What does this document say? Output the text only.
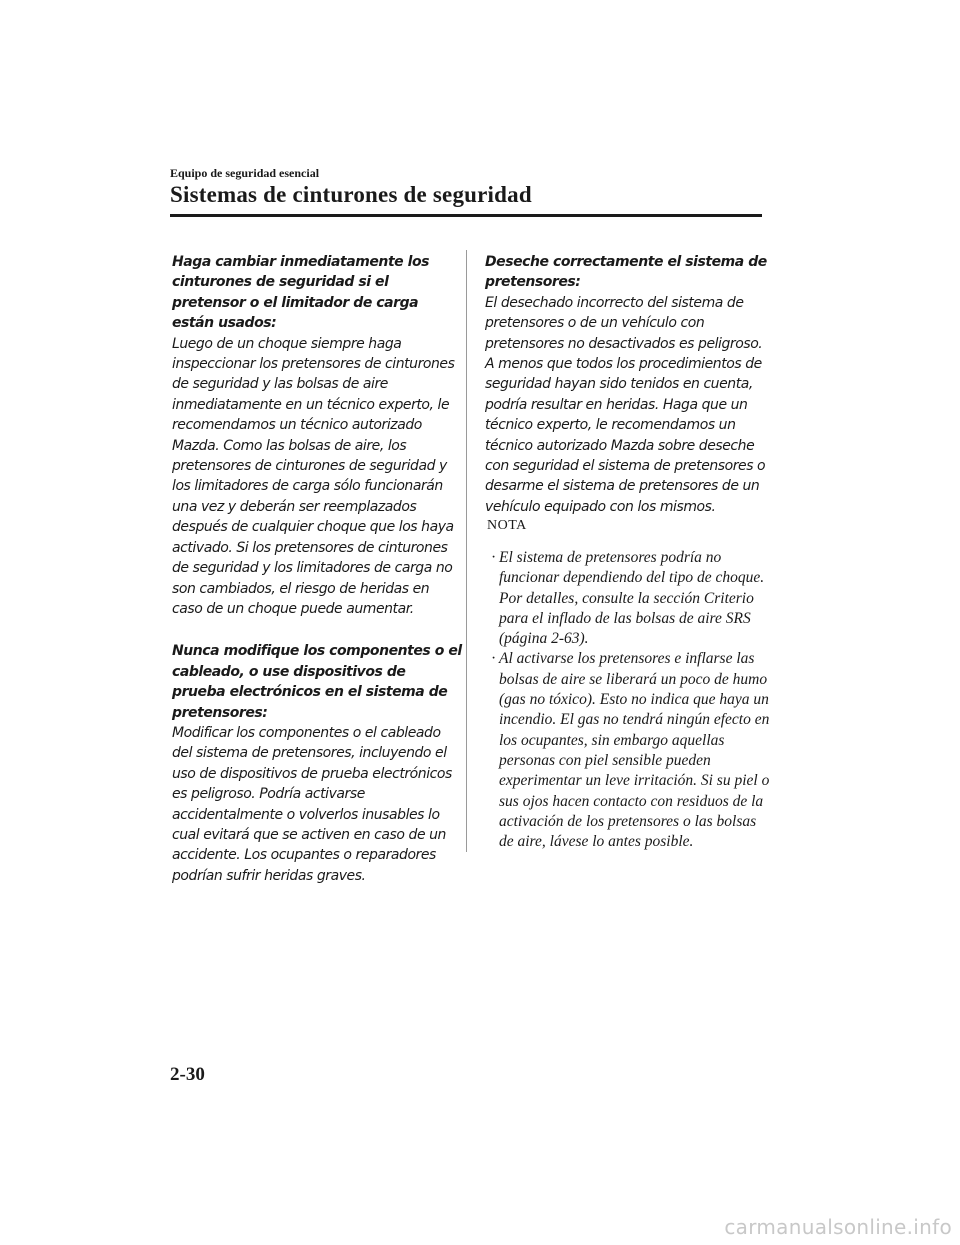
Equipo de seguridad esencial
Sistemas de cinturones de seguridad

Haga cambiar inmediatamente los cinturones de seguridad si el pretensor o el limitador de carga están usados:

Luego de un choque siempre haga inspeccionar los pretensores de cinturones de seguridad y las bolsas de aire inmediatamente en un técnico experto, le recomendamos un técnico autorizado Mazda. Como las bolsas de aire, los pretensores de cinturones de seguridad y los limitadores de carga sólo funcionarán una vez y deberán ser reemplazados después de cualquier choque que los haya activado. Si los pretensores de cinturones de seguridad y los limitadores de carga no son cambiados, el riesgo de heridas en caso de un choque puede aumentar.

Nunca modifique los componentes o el cableado, o use dispositivos de prueba electrónicos en el sistema de pretensores:

Modificar los componentes o el cableado del sistema de pretensores, incluyendo el uso de dispositivos de prueba electrónicos es peligroso. Podría activarse accidentalmente o volverlos inusables lo cual evitará que se activen en caso de un accidente. Los ocupantes o reparadores podrían sufrir heridas graves.

Deseche correctamente el sistema de pretensores:

El desechado incorrecto del sistema de pretensores o de un vehículo con pretensores no desactivados es peligroso. A menos que todos los procedimientos de seguridad hayan sido tenidos en cuenta, podría resultar en heridas. Haga que un técnico experto, le recomendamos un técnico autorizado Mazda sobre deseche con seguridad el sistema de pretensores o desarme el sistema de pretensores de un vehículo equipado con los mismos.

NOTA
· El sistema de pretensores podría no funcionar dependiendo del tipo de choque. Por detalles, consulte la sección Criterio para el inflado de las bolsas de aire SRS (página 2-63).
· Al activarse los pretensores e inflarse las bolsas de aire se liberará un poco de humo (gas no tóxico). Esto no indica que haya un incendio. El gas no tendrá ningún efecto en los ocupantes, sin embargo aquellas personas con piel sensible pueden experimentar un leve irritación. Si su piel o sus ojos hacen contacto con residuos de la activación de los pretensores o las bolsas de aire, lávese lo antes posible.
2-30
carmanualsonline.info
